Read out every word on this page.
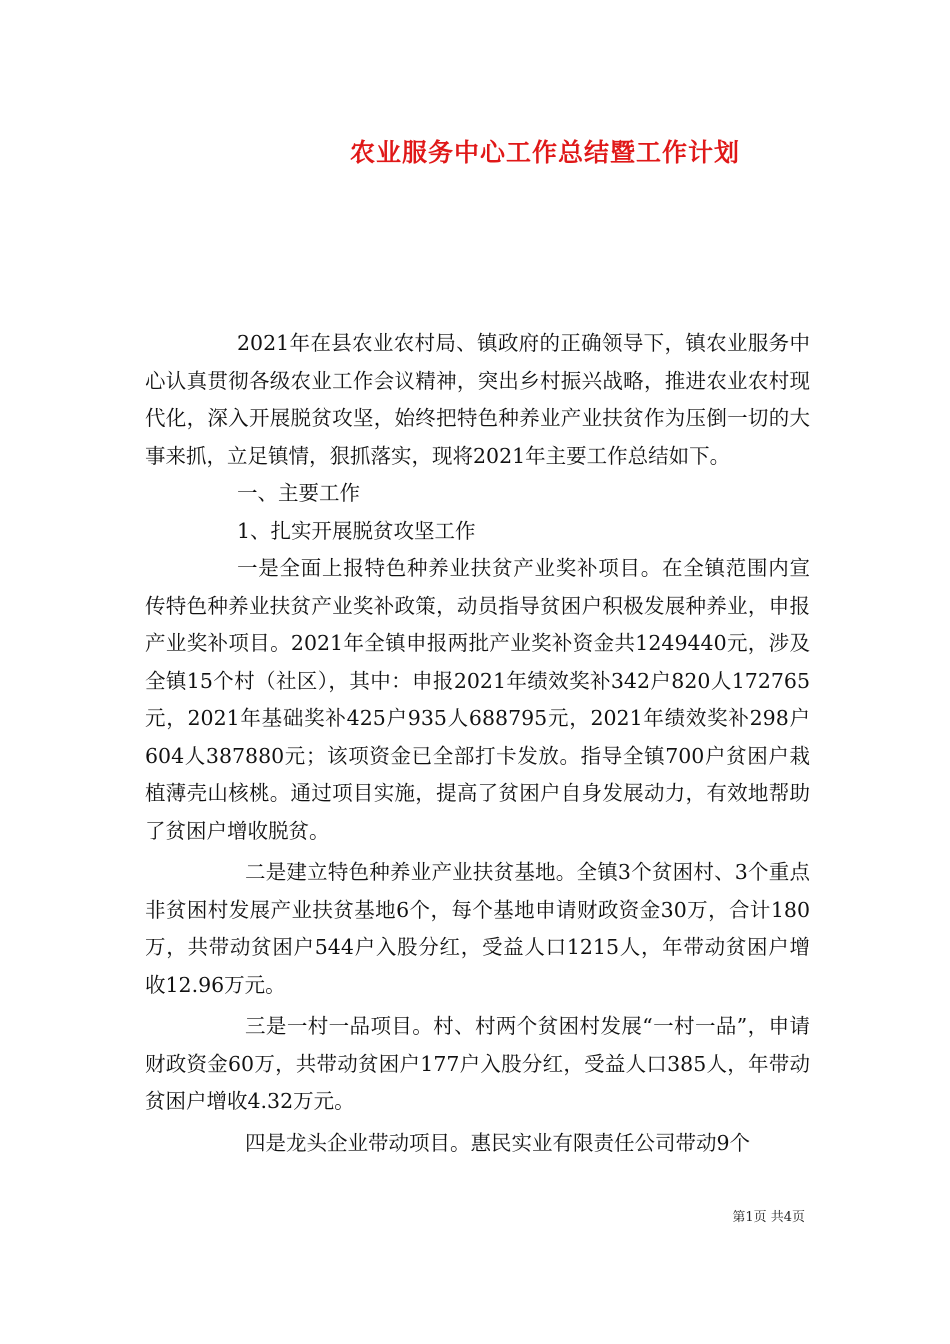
农业服务中心工作总结暨工作计划

2021年在县农业农村局、镇政府的正确领导下，镇农业服务中心认真贯彻各级农业工作会议精神，突出乡村振兴战略，推进农业农村现代化，深入开展脱贫攻坚，始终把特色种养业产业扶贫作为压倒一切的大事来抓，立足镇情，狠抓落实，现将2021年主要工作总结如下。

一、主要工作

1、扎实开展脱贫攻坚工作

一是全面上报特色种养业扶贫产业奖补项目。在全镇范围内宣传特色种养业扶贫产业奖补政策，动员指导贫困户积极发展种养业，申报产业奖补项目。2021年全镇申报两批产业奖补资金共1249440元，涉及全镇15个村（社区），其中：申报2021年绩效奖补342户820人172765元，2021年基础奖补425户935人688795元，2021年绩效奖补298户604人387880元；该项资金已全部打卡发放。指导全镇700户贫困户栽植薄壳山核桃。通过项目实施，提高了贫困户自身发展动力，有效地帮助了贫困户增收脱贫。

二是建立特色种养业产业扶贫基地。全镇3个贫困村、3个重点非贫困村发展产业扶贫基地6个，每个基地申请财政资金30万，合计180万，共带动贫困户544户入股分红，受益人口1215人，年带动贫困户增收12.96万元。

三是一村一品项目。村、村两个贫困村发展“一村一品”，申请财政资金60万，共带动贫困户177户入股分红，受益人口385人，年带动贫困户增收4.32万元。

四是龙头企业带动项目。惠民实业有限责任公司带动9个

第1页 共4页
